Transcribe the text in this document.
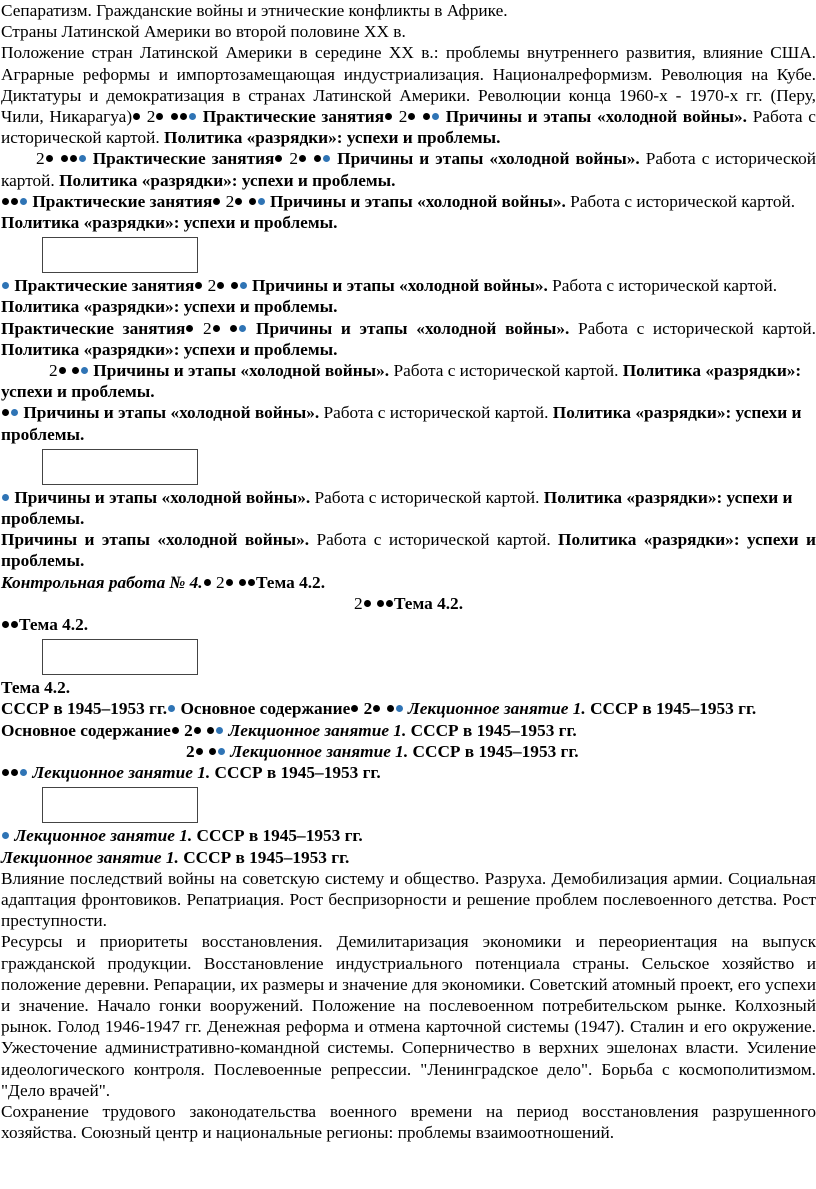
Сепаратизм. Гражданские войны и этнические конфликты в Африке.

Страны Латинской Америки во второй половине XX в.

Положение стран Латинской Америки в середине XX в.: проблемы внутреннего развития, влияние США. Аграрные реформы и импортозамещающая индустриализация. Националреформизм. Революция на Кубе. Диктатуры и демократизация в странах Латинской Америки. Революции конца 1960-х - 1970-х гг. (Перу, Чили, Никарагуа) 2	Практические занятия 2 Причины и этапы «холодной войны». Работа с исторической картой. Политика «разрядки»: успехи и проблемы.

2	Практические занятия 2 Причины и этапы «холодной войны». Работа с исторической картой. Политика «разрядки»: успехи и проблемы.

Практические занятия 2 Причины и этапы «холодной войны». Работа с исторической картой. Политика «разрядки»: успехи и проблемы.

Практические занятия 2 Причины и этапы «холодной войны». Работа с исторической картой. Политика «разрядки»: успехи и проблемы.

Практические занятия 2	Причины и этапы «холодной войны». Работа с исторической картой. Политика «разрядки»: успехи и проблемы.

2 Причины и этапы «холодной войны». Работа с исторической картой. Политика «разрядки»: успехи и проблемы.

Причины и этапы «холодной войны». Работа с исторической картой. Политика «разрядки»: успехи и проблемы.

Причины и этапы «холодной войны». Работа с исторической картой. Политика «разрядки»: успехи и проблемы.

Причины и этапы «холодной войны». Работа с исторической картой. Политика «разрядки»: успехи и проблемы.

Контрольная работа № 4. 2 Тема 4.2.

2 Тема 4.2.

Тема 4.2.

Тема 4.2.

СССР в 1945–1953 гг. Основное содержание 2 Лекционное занятие 1. СССР в 1945–1953 гг.

Основное содержание 2 Лекционное занятие 1. СССР в 1945–1953 гг.

2 Лекционное занятие 1. СССР в 1945–1953 гг.

Лекционное занятие 1. СССР в 1945–1953 гг.

Лекционное занятие 1. СССР в 1945–1953 гг.

Лекционное занятие 1. СССР в 1945–1953 гг.

Влияние последствий войны на советскую систему и общество. Разруха. Демобилизация армии. Социальная адаптация фронтовиков. Репатриация. Рост беспризорности и решение проблем послевоенного детства. Рост преступности.

Ресурсы и приоритеты восстановления. Демилитаризация экономики и переориентация на выпуск гражданской продукции. Восстановление индустриального потенциала страны. Сельское хозяйство и положение деревни. Репарации, их размеры и значение для экономики. Советский атомный проект, его успехи и значение. Начало гонки вооружений. Положение на послевоенном потребительском рынке. Колхозный рынок. Голод 1946-1947 гг. Денежная реформа и отмена карточной системы (1947). Сталин и его окружение. Ужесточение административно-командной системы. Соперничество в верхних эшелонах власти. Усиление идеологического контроля. Послевоенные репрессии. "Ленинградское дело". Борьба с космополитизмом. "Дело врачей".

Сохранение трудового законодательства военного времени на период восстановления разрушенного хозяйства. Союзный центр и национальные регионы: проблемы взаимоотношений.
